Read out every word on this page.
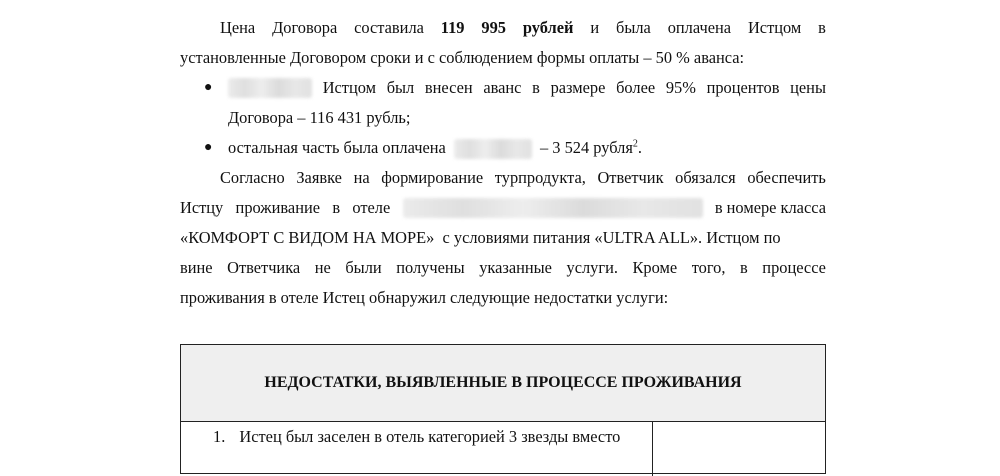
Цена Договора составила 119 995 рублей и была оплачена Истцом в
установленные Договором сроки и с соблюдением формы оплаты – 50 % аванса:
●	Истцом был внесен аванс в размере более 95% процентов цены
Договора – 116 431 рубль;
● остальная часть была оплачена	– 3 524 рубля$^2$.
Согласно Заявке на формирование турпродукта, Ответчик обязался обеспечить
Истцу проживание в отеле	в номере класса
«КОМФОРТ С ВИДОМ НА МОРЕ»  с условиями питания «ULTRA ALL». Истцом по
вине Ответчика не были получены указанные услуги. Кроме того, в процессе
проживания в отеле Истец обнаружил следующие недостатки услуги:
НЕДОСТАТКИ, ВЫЯВЛЕННЫЕ В ПРОЦЕССЕ ПРОЖИВАНИЯ
1. Истец был заселен в отель категорией 3 звезды вместо
